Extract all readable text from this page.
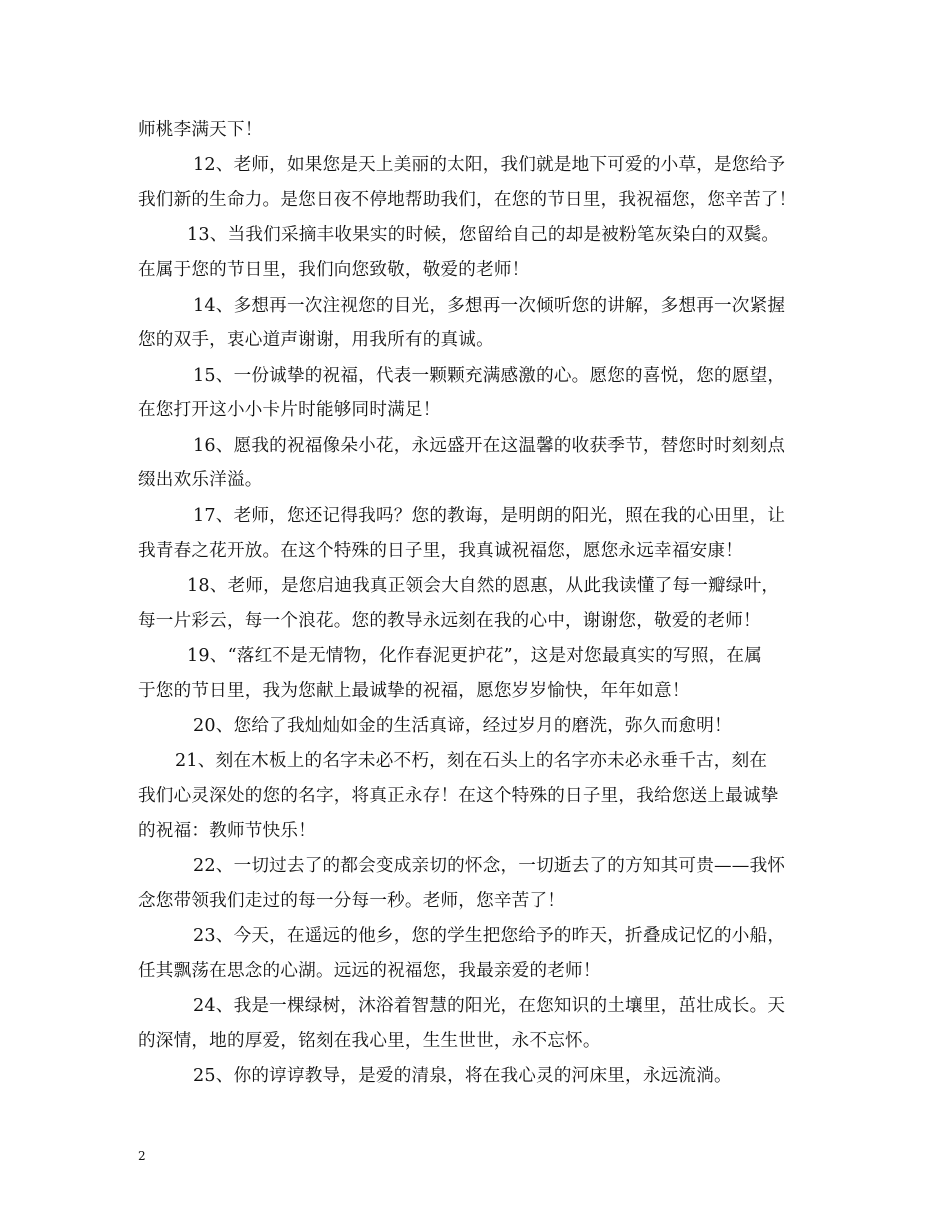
师桃李满天下！
12、老师，如果您是天上美丽的太阳，我们就是地下可爱的小草，是您给予
我们新的生命力。是您日夜不停地帮助我们，在您的节日里，我祝福您，您辛苦了！
13、当我们采摘丰收果实的时候，您留给自己的却是被粉笔灰染白的双鬓。
在属于您的节日里，我们向您致敬，敬爱的老师！
14、多想再一次注视您的目光，多想再一次倾听您的讲解，多想再一次紧握
您的双手，衷心道声谢谢，用我所有的真诚。
15、一份诚挚的祝福，代表一颗颗充满感激的心。愿您的喜悦，您的愿望，
在您打开这小小卡片时能够同时满足！
16、愿我的祝福像朵小花，永远盛开在这温馨的收获季节，替您时时刻刻点
缀出欢乐洋溢。
17、老师，您还记得我吗？您的教诲，是明朗的阳光，照在我的心田里，让
我青春之花开放。在这个特殊的日子里，我真诚祝福您，愿您永远幸福安康！
18、老师，是您启迪我真正领会大自然的恩惠，从此我读懂了每一瓣绿叶，
每一片彩云，每一个浪花。您的教导永远刻在我的心中，谢谢您，敬爱的老师！
19、“落红不是无情物，化作春泥更护花”，这是对您最真实的写照，在属
于您的节日里，我为您献上最诚挚的祝福，愿您岁岁愉快，年年如意！
20、您给了我灿灿如金的生活真谛，经过岁月的磨洗，弥久而愈明！
21、刻在木板上的名字未必不朽，刻在石头上的名字亦未必永垂千古，刻在
我们心灵深处的您的名字，将真正永存！在这个特殊的日子里，我给您送上最诚挚
的祝福：教师节快乐！
22、一切过去了的都会变成亲切的怀念，一切逝去了的方知其可贵——我怀
念您带领我们走过的每一分每一秒。老师，您辛苦了！
23、今天，在遥远的他乡，您的学生把您给予的昨天，折叠成记忆的小船，
任其飘荡在思念的心湖。远远的祝福您，我最亲爱的老师！
24、我是一棵绿树，沐浴着智慧的阳光，在您知识的土壤里，茁壮成长。天
的深情，地的厚爱，铭刻在我心里，生生世世，永不忘怀。
25、你的谆谆教导，是爱的清泉，将在我心灵的河床里，永远流淌。
2
